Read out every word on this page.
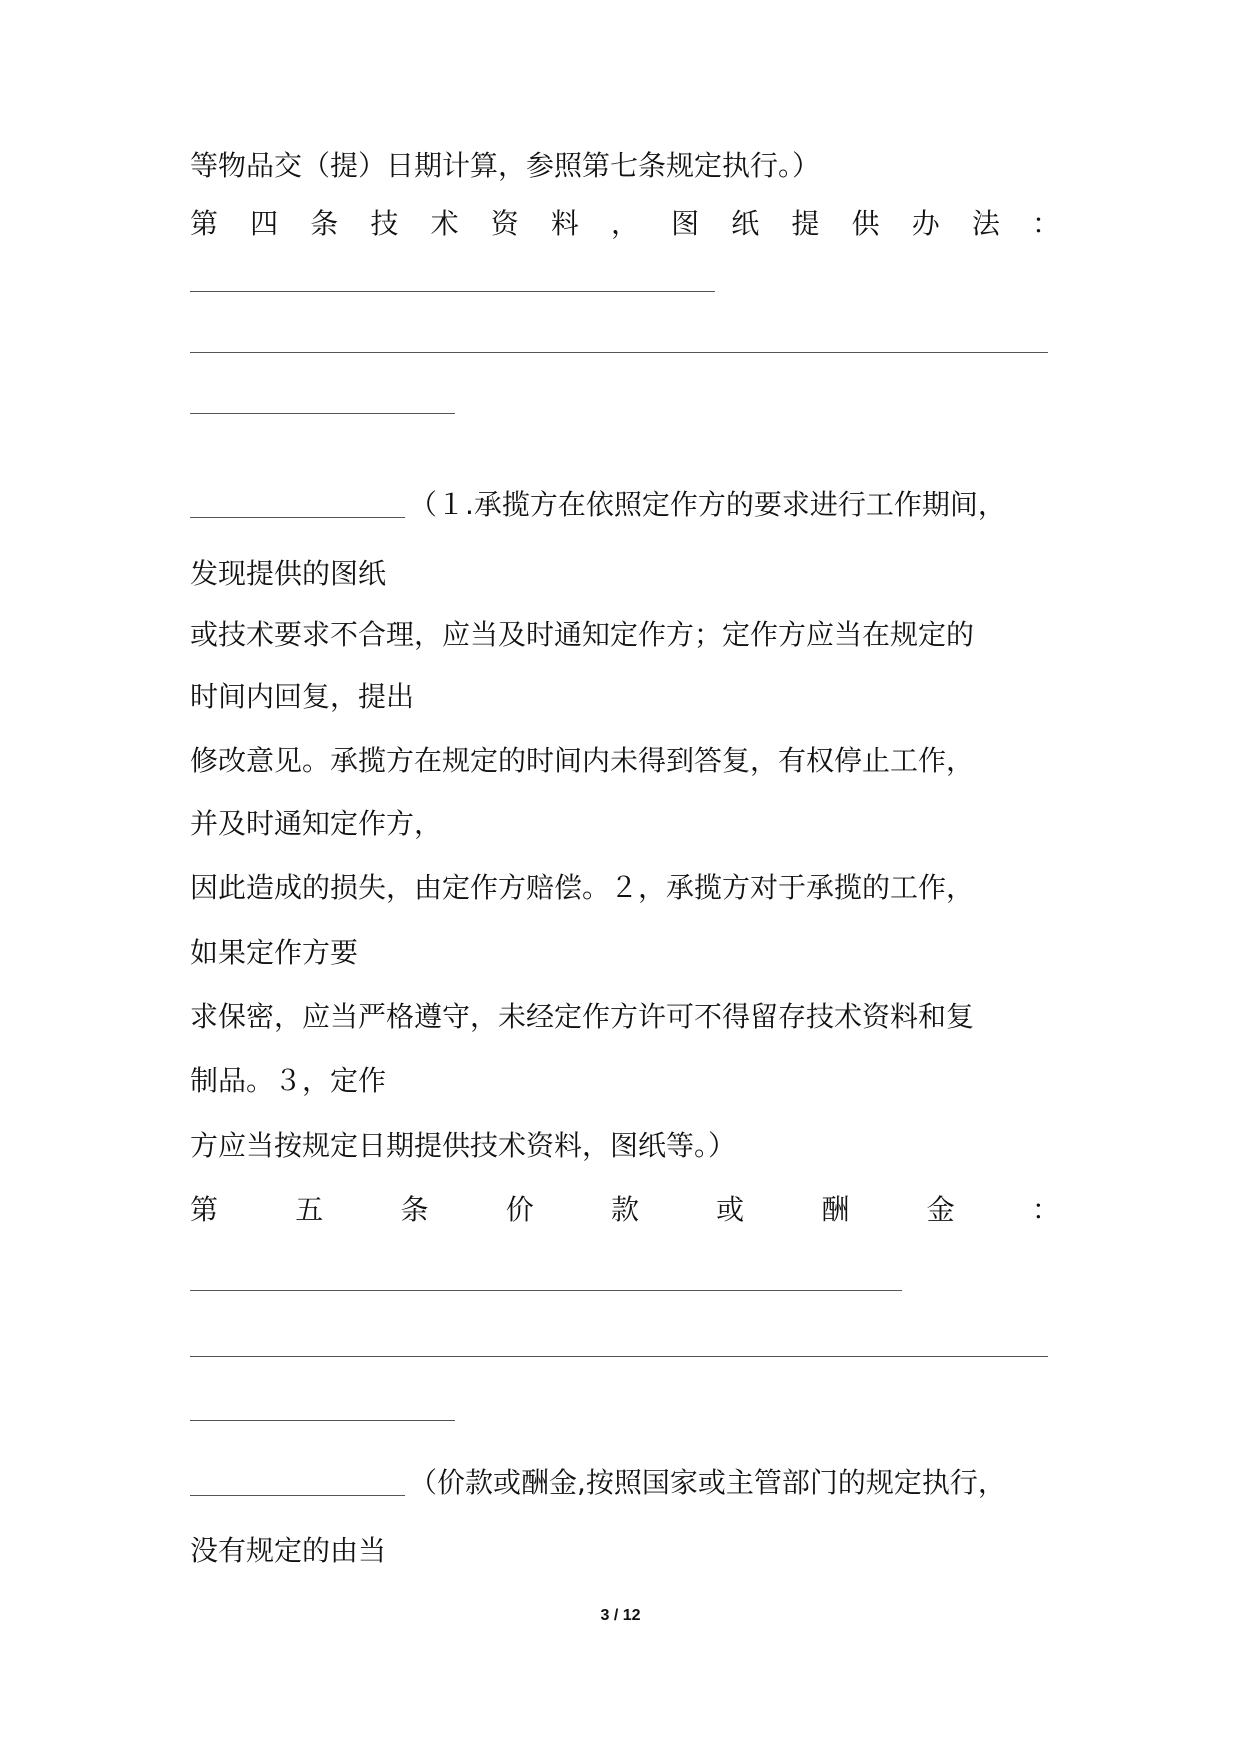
等物品交（提）日期计算，参照第七条规定执行。）
第 四 条 技 术 资 料 ， 图 纸 提 供 办 法 ：
（１.承揽方在依照定作方的要求进行工作期间，
发现提供的图纸
或技术要求不合理，应当及时通知定作方；定作方应当在规定的
时间内回复，提出
修改意见。承揽方在规定的时间内未得到答复，有权停止工作，
并及时通知定作方，
因此造成的损失，由定作方赔偿。２，承揽方对于承揽的工作，
如果定作方要
求保密，应当严格遵守，未经定作方许可不得留存技术资料和复
制品。３，定作
方应当按规定日期提供技术资料，图纸等。）
第	五	条	价	款	或	酬	金	：
（价款或酬金,按照国家或主管部门的规定执行，
没有规定的由当
3 / 12
